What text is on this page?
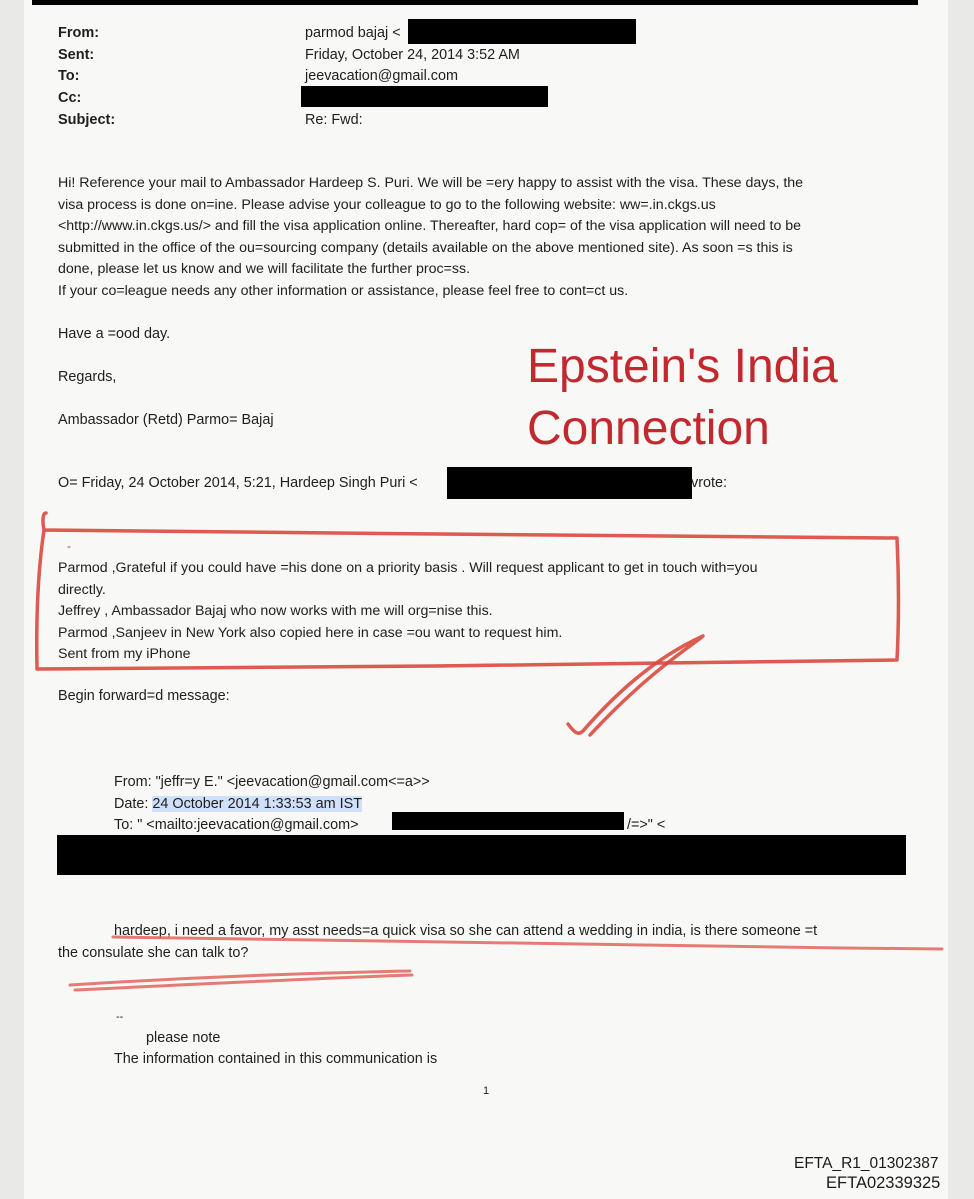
From:
Sent:
To:
Cc:
Subject:
parmod bajaj <
Friday, October 24, 2014 3:52 AM
jeevacation@gmail.com
Re: Fwd:
Hi! Reference your mail to Ambassador Hardeep S. Puri. We will be =ery happy to assist with the visa. These days, the
visa process is done on=ine. Please advise your colleague to go to the following website: ww=.in.ckgs.us
<http://www.in.ckgs.us/> and fill the visa application online. Thereafter, hard cop= of the visa application will need to be
submitted in the office of the ou=sourcing company (details available on the above mentioned site). As soon =s this is
done, please let us know and we will facilitate the further proc=ss.
If your co=league needs any other information or assistance, please feel free to cont=ct us.
Have a =ood day.
Regards,
Ambassador (Retd) Parmo= Bajaj
Epstein's India
Connection
O= Friday, 24 October 2014, 5:21, Hardeep Singh Puri <	vrote:
-
Parmod ,Grateful if you could have =his done on a priority basis . Will request applicant to get in touch with=you
directly.
Jeffrey , Ambassador Bajaj who now works with me will org=nise this.
Parmod ,Sanjeev in New York also copied here in case =ou want to request him.
Sent from my iPhone
Begin forward=d message:
From: "jeffr=y E." <jeevacation@gmail.com<=a>>
Date: 24 October 2014 1:33:53 am IST
To: " <mailto:jeevacation@gmail.com>	/=>" <
hardeep, i need a favor, my asst needs=a quick visa so she can attend a wedding in india, is there someone =t
the consulate she can talk to?
--
please note
The information contained in this communication is
1
EFTA_R1_01302387
EFTA02339325
